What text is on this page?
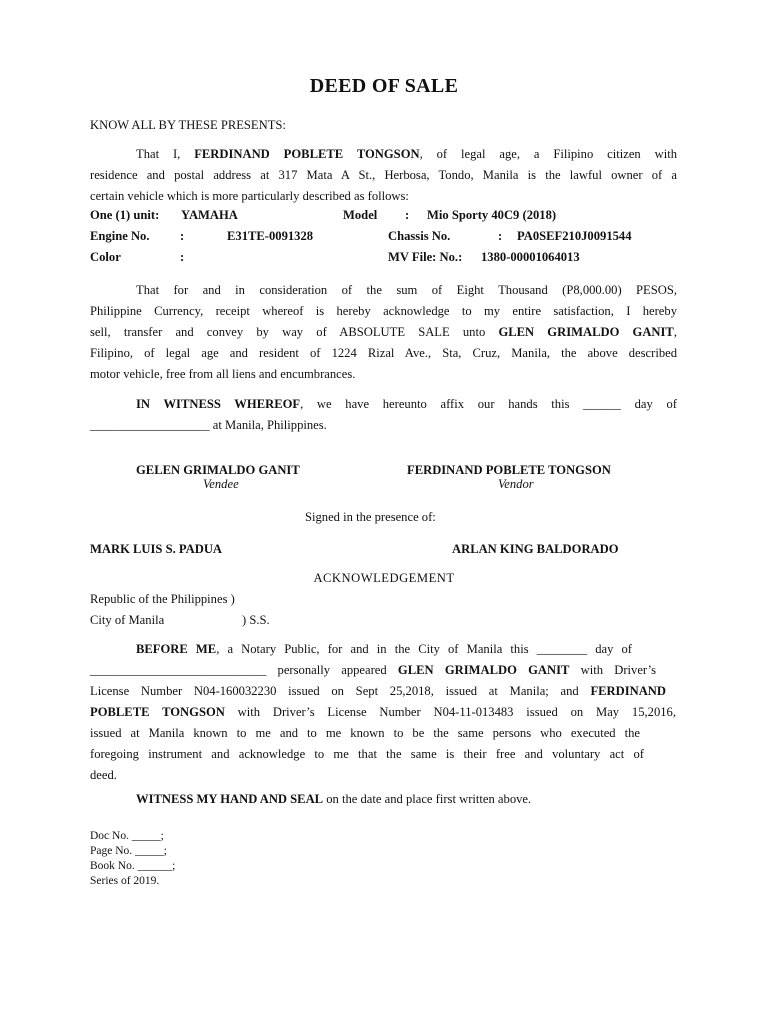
DEED OF SALE
KNOW ALL BY THESE PRESENTS:
That I, FERDINAND POBLETE TONGSON, of legal age, a Filipino citizen with
residence and postal address at 317 Mata A St., Herbosa, Tondo, Manila is the lawful owner of a
certain vehicle which is more particularly described as follows:
One (1) unit: YAMAHA	Model : Mio Sporty 40C9 (2018)
Engine No. :	E31TE-0091328	Chassis No.	: PA0SEF210J0091544
Color	:	MV File: No.: 1380-00001064013
That for and in consideration of the sum of Eight Thousand (P8,000.00) PESOS,
Philippine Currency, receipt whereof is hereby acknowledge to my entire satisfaction, I hereby
sell, transfer and convey by way of ABSOLUTE SALE unto GLEN GRIMALDO GANIT,
Filipino, of legal age and resident of 1224 Rizal Ave., Sta, Cruz, Manila, the above described
motor vehicle, free from all liens and encumbrances.
IN WITNESS WHEREOF, we have hereunto affix our hands this ______ day of
___________________ at Manila, Philippines.
GELEN GRIMALDO GANIT
Vendee
FERDINAND POBLETE TONGSON
Vendor
Signed in the presence of:
MARK LUIS S. PADUA	ARLAN KING BALDORADO
ACKNOWLEDGEMENT
Republic of the Philippines )
City of Manila	) S.S.
BEFORE ME, a Notary Public, for and in the City of Manila this ________ day of
____________________________ personally appeared GLEN GRIMALDO GANIT with Driver’s
License Number N04-160032230 issued on Sept 25,2018, issued at Manila; and FERDINAND
POBLETE TONGSON with Driver’s License Number N04-11-013483 issued on May 15,2016,
issued at Manila known to me and to me known to be the same persons who executed the
foregoing instrument and acknowledge to me that the same is their free and voluntary act of
deed.
WITNESS MY HAND AND SEAL on the date and place first written above.
Doc No. _____;
Page No. _____;
Book No. ______;
Series of 2019.
